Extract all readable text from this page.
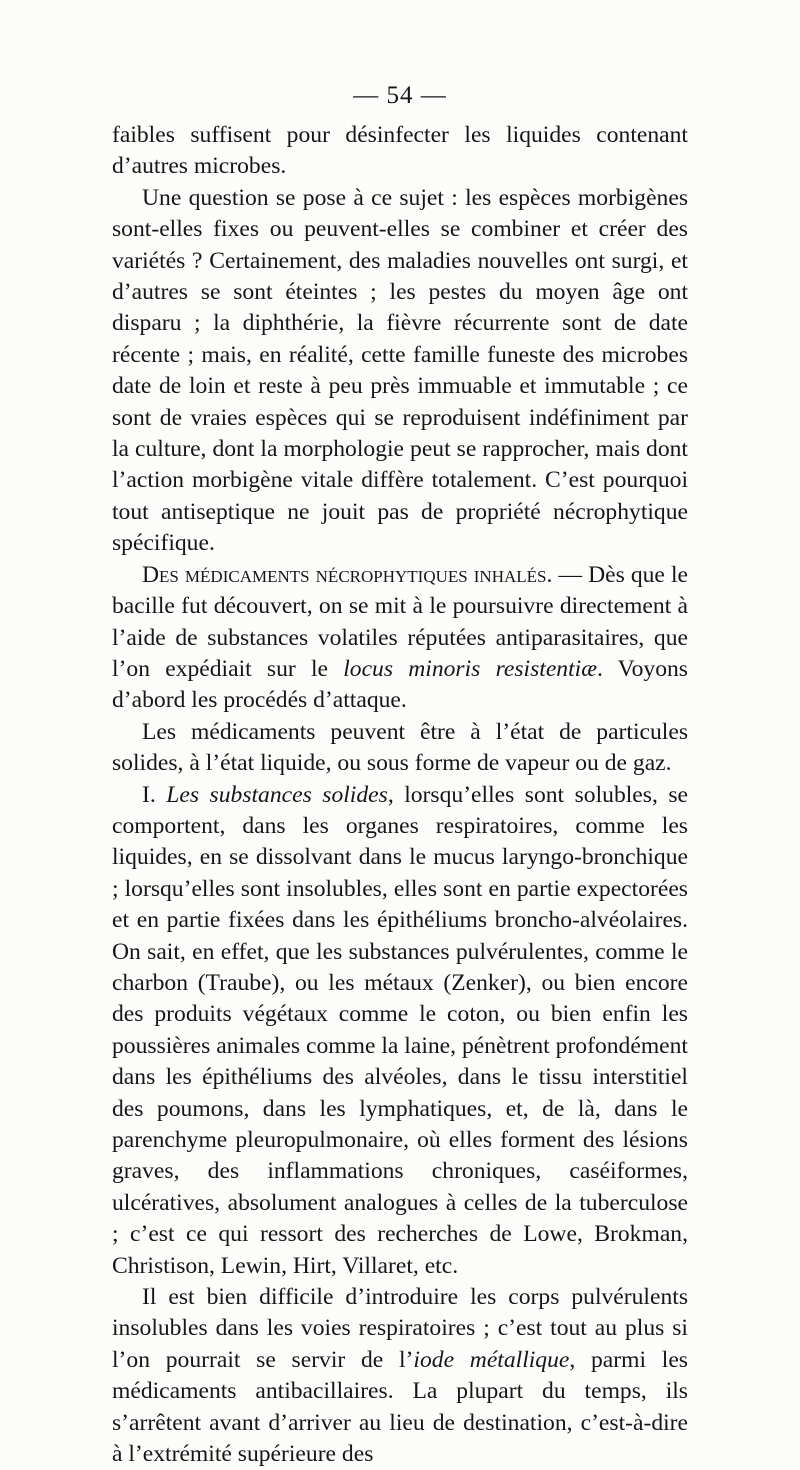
— 54 —

faibles suffisent pour désinfecter les liquides contenant d’autres microbes.

Une question se pose à ce sujet : les espèces morbigènes sont-elles fixes ou peuvent-elles se combiner et créer des variétés ? Certainement, des maladies nouvelles ont surgi, et d’autres se sont éteintes ; les pestes du moyen âge ont disparu ; la diphthérie, la fièvre récurrente sont de date récente ; mais, en réalité, cette famille funeste des microbes date de loin et reste à peu près immuable et immutable ; ce sont de vraies espèces qui se reproduisent indéfiniment par la culture, dont la morphologie peut se rapprocher, mais dont l’action morbigène vitale diffère totalement. C’est pourquoi tout antiseptique ne jouit pas de propriété nécrophytique spécifique.

Des médicaments nécrophytiques inhalés. — Dès que le bacille fut découvert, on se mit à le poursuivre directement à l’aide de substances volatiles réputées antiparasitaires, que l’on expédiait sur le locus minoris resistentiæ. Voyons d’abord les procédés d’attaque.

Les médicaments peuvent être à l’état de particules solides, à l’état liquide, ou sous forme de vapeur ou de gaz.

I. Les substances solides, lorsqu’elles sont solubles, se comportent, dans les organes respiratoires, comme les liquides, en se dissolvant dans le mucus laryngo-bronchique ; lorsqu’elles sont insolubles, elles sont en partie expectorées et en partie fixées dans les épithéliums broncho-alvéolaires. On sait, en effet, que les substances pulvérulentes, comme le charbon (Traube), ou les métaux (Zenker), ou bien encore des produits végétaux comme le coton, ou bien enfin les poussières animales comme la laine, pénètrent profondément dans les épithéliums des alvéoles, dans le tissu interstitiel des poumons, dans les lymphatiques, et, de là, dans le parenchyme pleuropulmonaire, où elles forment des lésions graves, des inflammations chroniques, caséiformes, ulcératives, absolument analogues à celles de la tuberculose ; c’est ce qui ressort des recherches de Lowe, Brokman, Christison, Lewin, Hirt, Villaret, etc.

Il est bien difficile d’introduire les corps pulvérulents insolubles dans les voies respiratoires ; c’est tout au plus si l’on pourrait se servir de l’iode métallique, parmi les médicaments antibacillaires. La plupart du temps, ils s’arrêtent avant d’arriver au lieu de destination, c’est-à-dire à l’extrémité supérieure des
